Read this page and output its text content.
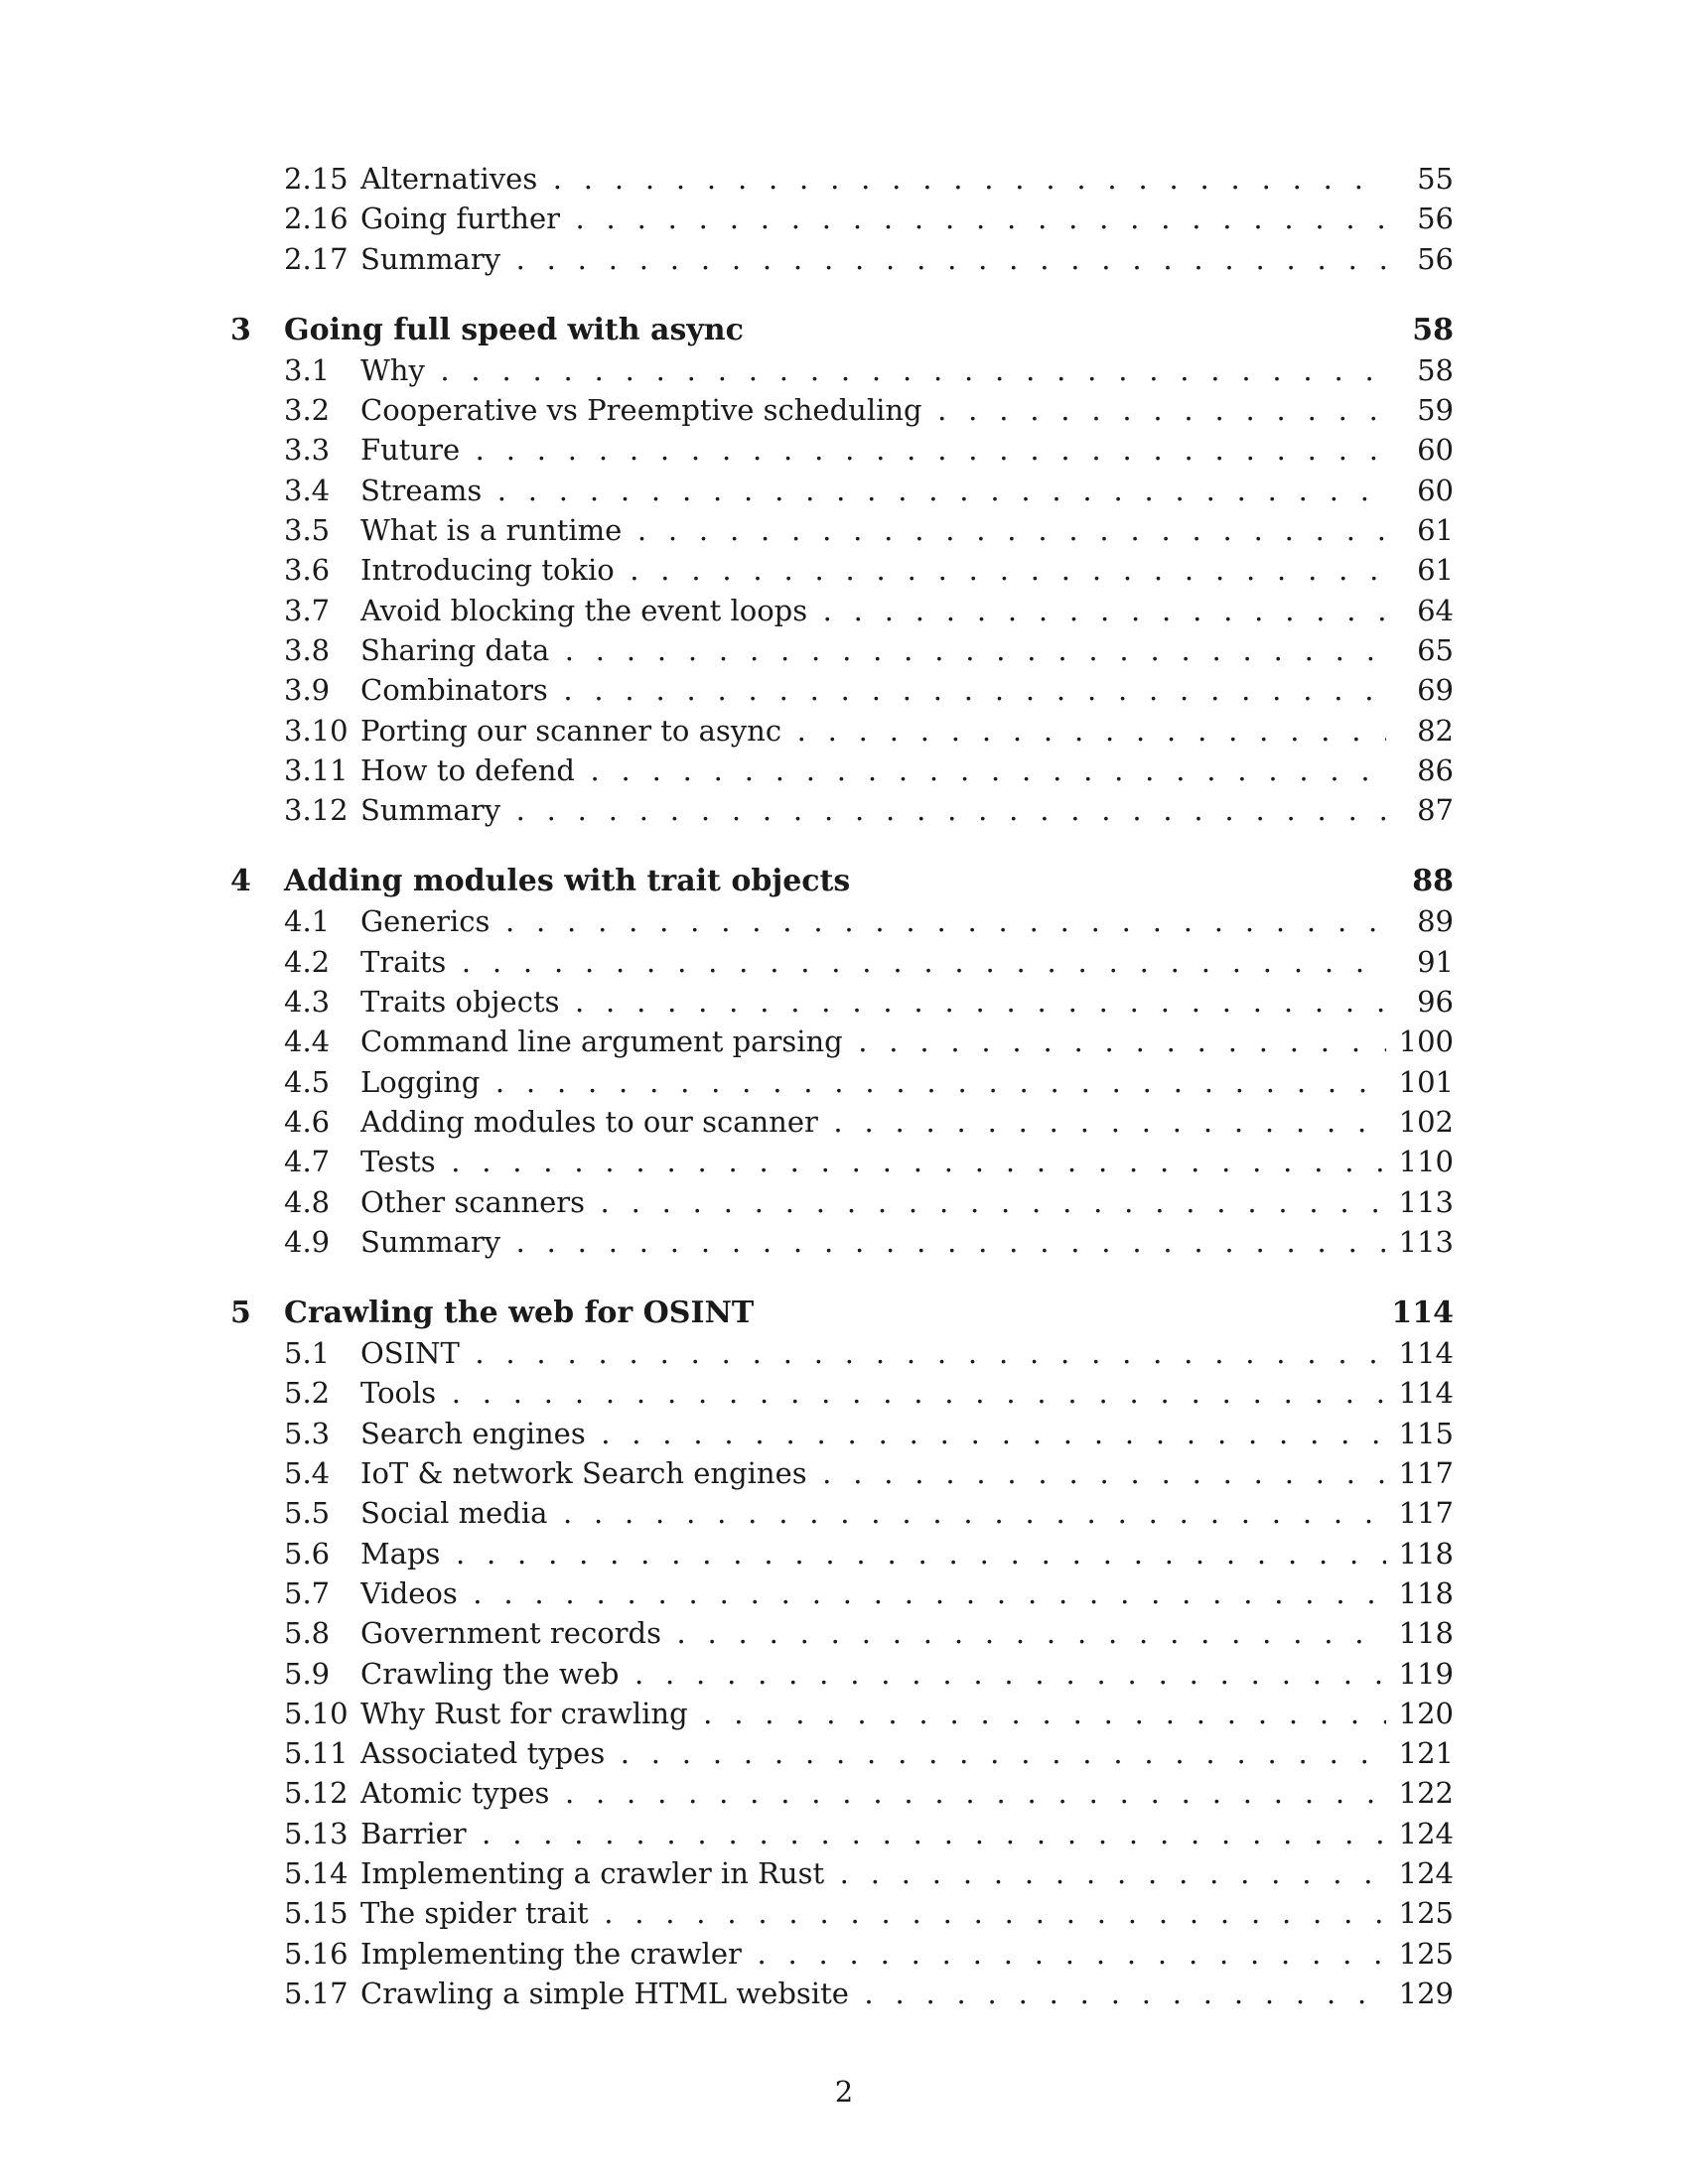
2.15 Alternatives . . .	55
2.16 Going further . . .	56
2.17 Summary . . .	56
3 Going full speed with async	58
3.1 Why . . .	58
3.2 Cooperative vs Preemptive scheduling . . .	59
3.3 Future . . .	60
3.4 Streams . . .	60
3.5 What is a runtime . . .	61
3.6 Introducing tokio . . .	61
3.7 Avoid blocking the event loops . . .	64
3.8 Sharing data . . .	65
3.9 Combinators . . .	69
3.10 Porting our scanner to async . . .	82
3.11 How to defend . . .	86
3.12 Summary . . .	87
4 Adding modules with trait objects	88
4.1 Generics . . .	89
4.2 Traits . . .	91
4.3 Traits objects . . .	96
4.4 Command line argument parsing . . .	100
4.5 Logging . . .	101
4.6 Adding modules to our scanner . . .	102
4.7 Tests . . .	110
4.8 Other scanners . . .	113
4.9 Summary . . .	113
5 Crawling the web for OSINT	114
5.1 OSINT . . .	114
5.2 Tools . . .	114
5.3 Search engines . . .	115
5.4 IoT & network Search engines . . .	117
5.5 Social media . . .	117
5.6 Maps . . .	118
5.7 Videos . . .	118
5.8 Government records . . .	118
5.9 Crawling the web . . .	119
5.10 Why Rust for crawling . . .	120
5.11 Associated types . . .	121
5.12 Atomic types . . .	122
5.13 Barrier . . .	124
5.14 Implementing a crawler in Rust . . .	124
5.15 The spider trait . . .	125
5.16 Implementing the crawler . . .	125
5.17 Crawling a simple HTML website . . .	129
2
